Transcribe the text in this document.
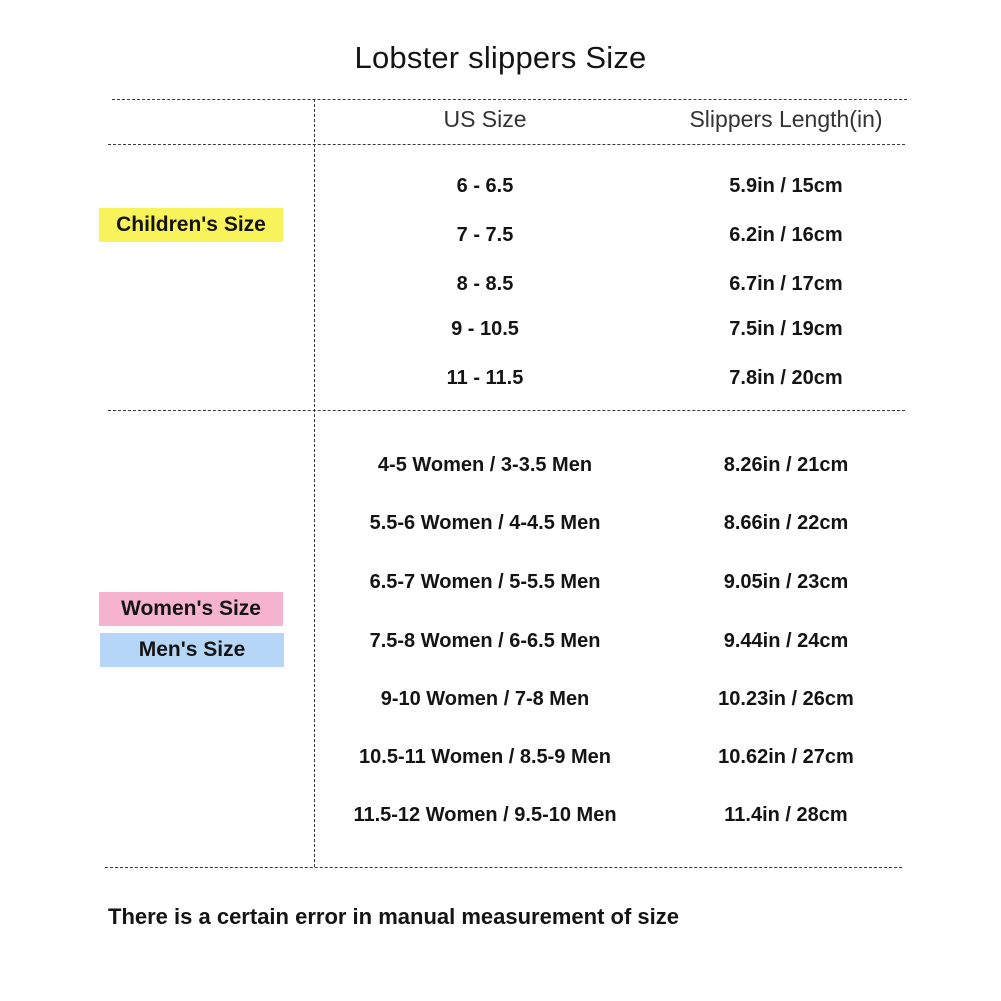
Lobster slippers Size
US Size	Slippers Length(in)
Children's Size
Women's Size
Men's Size
6 - 6.5	5.9in / 15cm
7 - 7.5	6.2in / 16cm
8 - 8.5	6.7in / 17cm
9 - 10.5	7.5in / 19cm
11 - 11.5	7.8in / 20cm
4-5 Women / 3-3.5 Men	8.26in / 21cm
5.5-6 Women / 4-4.5 Men	8.66in / 22cm
6.5-7 Women / 5-5.5 Men	9.05in / 23cm
7.5-8 Women / 6-6.5 Men	9.44in / 24cm
9-10 Women / 7-8 Men	10.23in / 26cm
10.5-11 Women / 8.5-9 Men	10.62in / 27cm
11.5-12 Women / 9.5-10 Men	11.4in / 28cm
There is a certain error in manual measurement of size
